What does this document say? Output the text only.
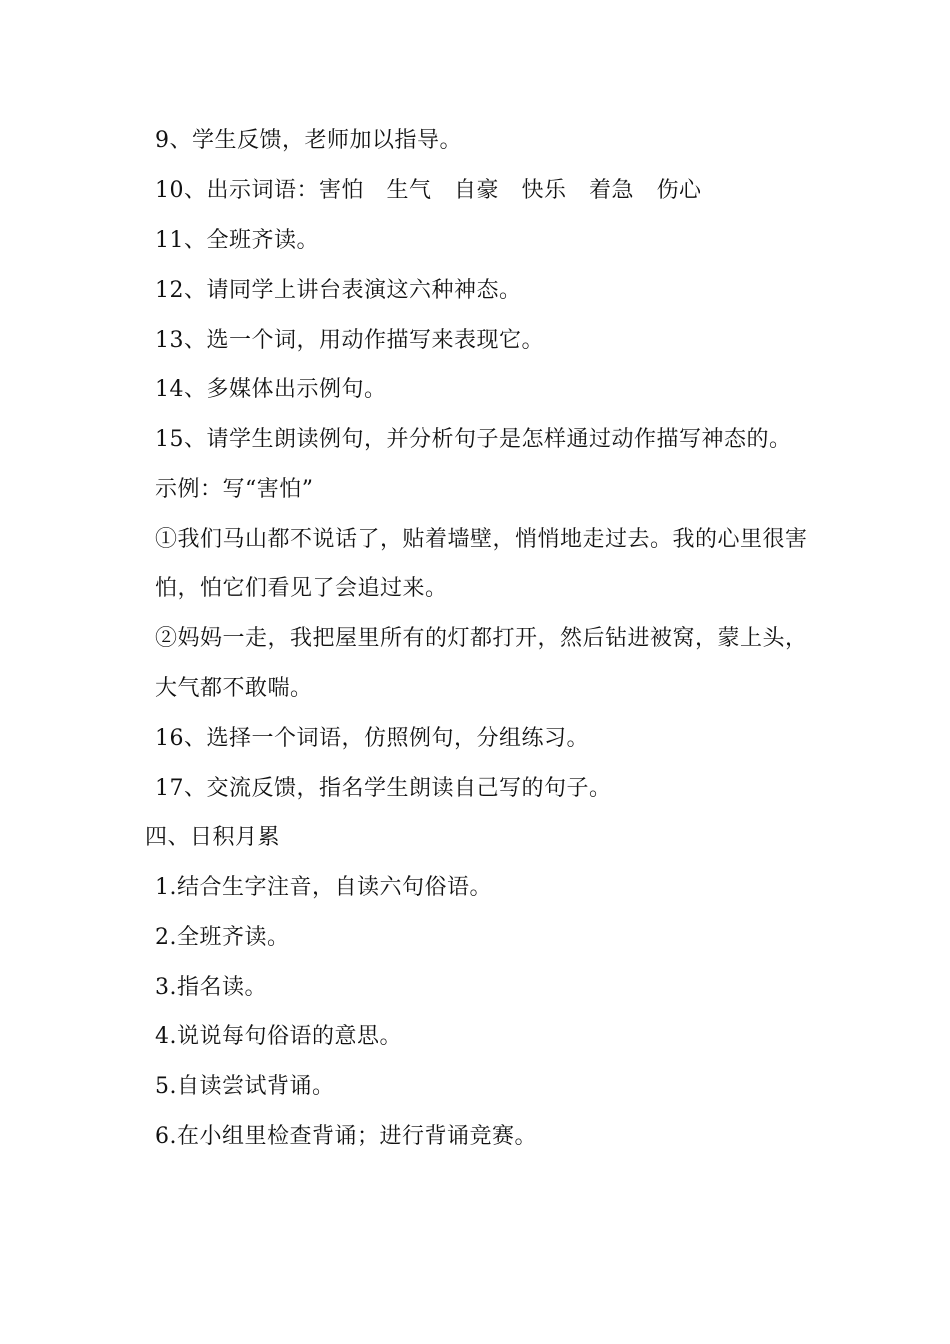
9、学生反馈，老师加以指导。
10、出示词语：害怕　生气　自豪　快乐　着急　伤心
11、全班齐读。
12、请同学上讲台表演这六种神态。
13、选一个词，用动作描写来表现它。
14、多媒体出示例句。
15、请学生朗读例句，并分析句子是怎样通过动作描写神态的。
示例：写“害怕”
①我们马山都不说话了，贴着墙壁，悄悄地走过去。我的心里很害
怕，怕它们看见了会追过来。
②妈妈一走，我把屋里所有的灯都打开，然后钻进被窝，蒙上头，
大气都不敢喘。
16、选择一个词语，仿照例句，分组练习。
17、交流反馈，指名学生朗读自己写的句子。
四、日积月累
1.结合生字注音，自读六句俗语。
2.全班齐读。
3.指名读。
4.说说每句俗语的意思。
5.自读尝试背诵。
6.在小组里检查背诵；进行背诵竞赛。
